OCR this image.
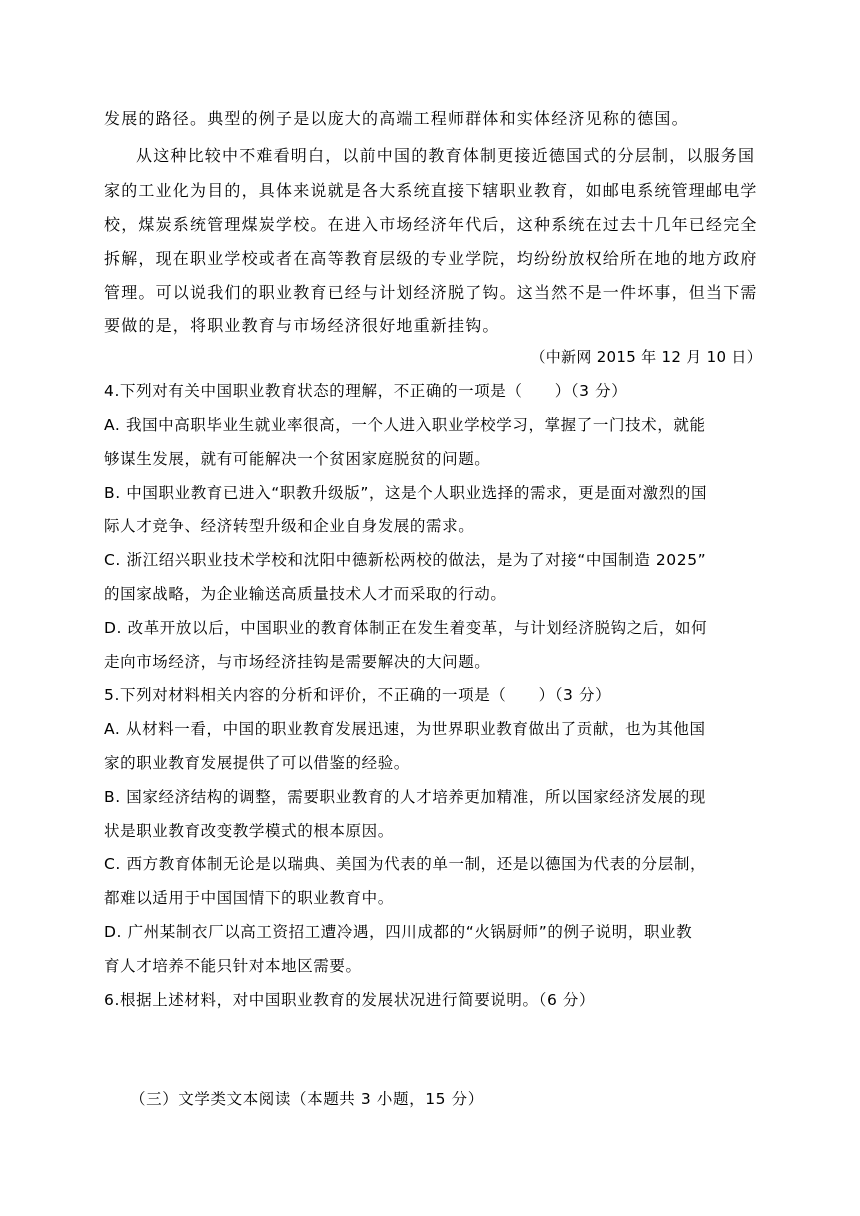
发展的路径。典型的例子是以庞大的高端工程师群体和实体经济见称的德国。
从这种比较中不难看明白，以前中国的教育体制更接近德国式的分层制，以服务国
家的工业化为目的，具体来说就是各大系统直接下辖职业教育，如邮电系统管理邮电学
校，煤炭系统管理煤炭学校。在进入市场经济年代后，这种系统在过去十几年已经完全
拆解，现在职业学校或者在高等教育层级的专业学院，均纷纷放权给所在地的地方政府
管理。可以说我们的职业教育已经与计划经济脱了钩。这当然不是一件坏事，但当下需
要做的是，将职业教育与市场经济很好地重新挂钩。
（中新网 2015 年 12 月 10 日）
4.下列对有关中国职业教育状态的理解，不正确的一项是（　　）（3 分）
A. 我国中高职毕业生就业率很高，一个人进入职业学校学习，掌握了一门技术，就能
够谋生发展，就有可能解决一个贫困家庭脱贫的问题。
B. 中国职业教育已进入“职教升级版”，这是个人职业选择的需求，更是面对激烈的国
际人才竞争、经济转型升级和企业自身发展的需求。
C. 浙江绍兴职业技术学校和沈阳中德新松两校的做法，是为了对接“中国制造 2025”
的国家战略，为企业输送高质量技术人才而采取的行动。
D. 改革开放以后，中国职业的教育体制正在发生着变革，与计划经济脱钩之后，如何
走向市场经济，与市场经济挂钩是需要解决的大问题。
5.下列对材料相关内容的分析和评价，不正确的一项是（　　）（3 分）
A. 从材料一看，中国的职业教育发展迅速，为世界职业教育做出了贡献，也为其他国
家的职业教育发展提供了可以借鉴的经验。
B. 国家经济结构的调整，需要职业教育的人才培养更加精准，所以国家经济发展的现
状是职业教育改变教学模式的根本原因。
C. 西方教育体制无论是以瑞典、美国为代表的单一制，还是以德国为代表的分层制，
都难以适用于中国国情下的职业教育中。
D. 广州某制衣厂以高工资招工遭冷遇，四川成都的“火锅厨师”的例子说明，职业教
育人才培养不能只针对本地区需要。
6.根据上述材料，对中国职业教育的发展状况进行简要说明。（6 分）
（三）文学类文本阅读（本题共 3 小题，15 分）
